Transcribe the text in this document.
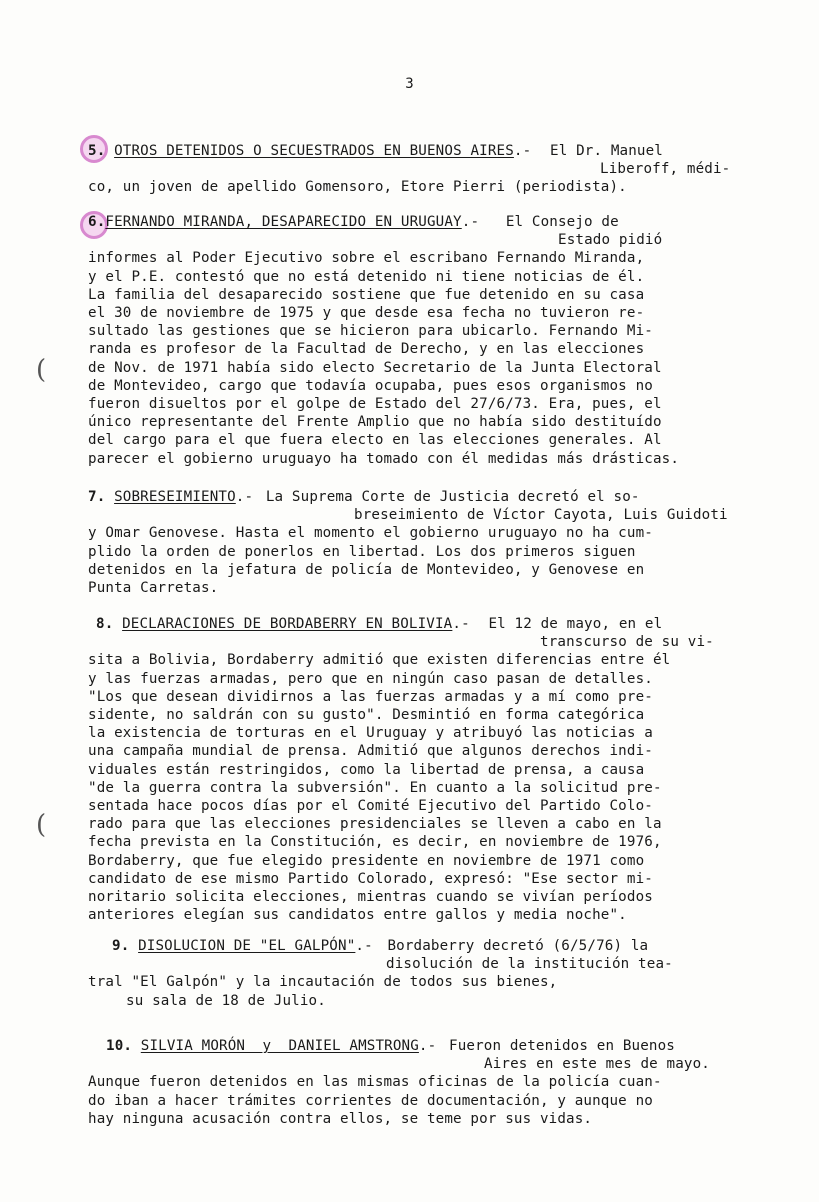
3
(
(
5. OTROS DETENIDOS O SECUESTRADOS EN BUENOS AIRES.- El Dr. Manuel
Liberoff, médi-
co, un joven de apellido Gomensoro, Etore Pierri (periodista).
6.FERNANDO MIRANDA, DESAPARECIDO EN URUGUAY.- El Consejo de
Estado pidió
informes al Poder Ejecutivo sobre el escribano Fernando Miranda,
y el P.E. contestó que no está detenido ni tiene noticias de él.
La familia del desaparecido sostiene que fue detenido en su casa
el 30 de noviembre de 1975 y que desde esa fecha no tuvieron re-
sultado las gestiones que se hicieron para ubicarlo. Fernando Mi-
randa es profesor de la Facultad de Derecho, y en las elecciones
de Nov. de 1971 había sido electo Secretario de la Junta Electoral
de Montevideo, cargo que todavía ocupaba, pues esos organismos no
fueron disueltos por el golpe de Estado del 27/6/73. Era, pues, el
único representante del Frente Amplio que no había sido destituído
del cargo para el que fuera electo en las elecciones generales. Al
parecer el gobierno uruguayo ha tomado con él medidas más drásticas.
7. SOBRESEIMIENTO.- La Suprema Corte de Justicia decretó el so-
breseimiento de Víctor Cayota, Luis Guidoti
y Omar Genovese. Hasta el momento el gobierno uruguayo no ha cum-
plido la orden de ponerlos en libertad. Los dos primeros siguen
detenidos en la jefatura de policía de Montevideo, y Genovese en
Punta Carretas.
8. DECLARACIONES DE BORDABERRY EN BOLIVIA.- El 12 de mayo, en el
transcurso de su vi-
sita a Bolivia, Bordaberry admitió que existen diferencias entre él
y las fuerzas armadas, pero que en ningún caso pasan de detalles.
"Los que desean dividirnos a las fuerzas armadas y a mí como pre-
sidente, no saldrán con su gusto". Desmintió en forma categórica
la existencia de torturas en el Uruguay y atribuyó las noticias a
una campaña mundial de prensa. Admitió que algunos derechos indi-
viduales están restringidos, como la libertad de prensa, a causa
"de la guerra contra la subversión". En cuanto a la solicitud pre-
sentada hace pocos días por el Comité Ejecutivo del Partido Colo-
rado para que las elecciones presidenciales se lleven a cabo en la
fecha prevista en la Constitución, es decir, en noviembre de 1976,
Bordaberry, que fue elegido presidente en noviembre de 1971 como
candidato de ese mismo Partido Colorado, expresó: "Ese sector mi-
noritario solicita elecciones, mientras cuando se vivían períodos
anteriores elegían sus candidatos entre gallos y media noche".
9. DISOLUCION DE "EL GALPÓN".- Bordaberry decretó (6/5/76) la
disolución de la institución tea-
tral "El Galpón" y la incautación de todos sus bienes,
su sala de 18 de Julio.
10. SILVIA MORÓN  y  DANIEL AMSTRONG.- Fueron detenidos en Buenos
Aires en este mes de mayo.
Aunque fueron detenidos en las mismas oficinas de la policía cuan-
do iban a hacer trámites corrientes de documentación, y aunque no
hay ninguna acusación contra ellos, se teme por sus vidas.
